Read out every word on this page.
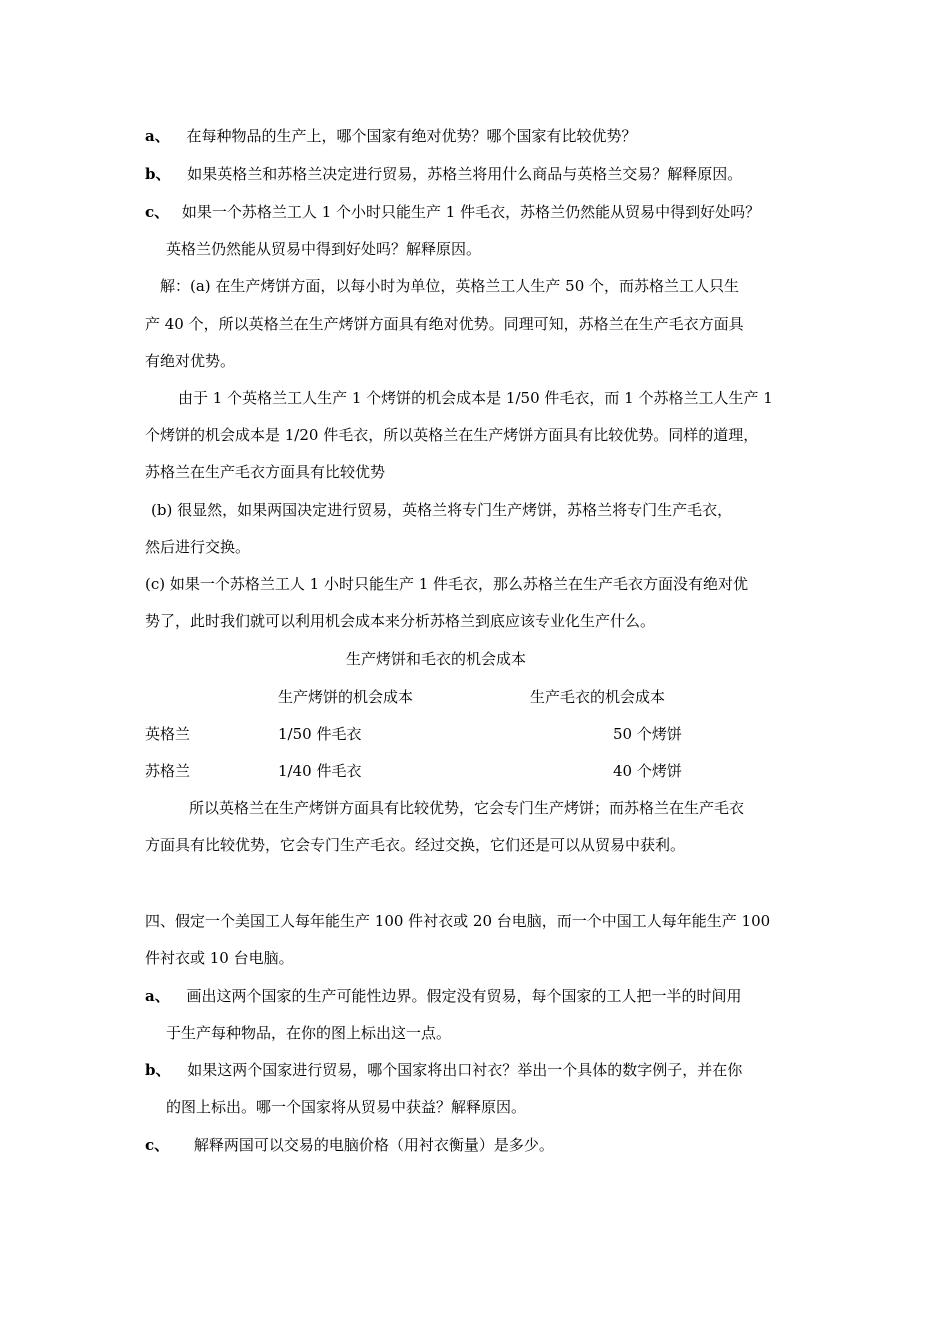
a、 在每种物品的生产上，哪个国家有绝对优势？哪个国家有比较优势？
b、 如果英格兰和苏格兰决定进行贸易，苏格兰将用什么商品与英格兰交易？解释原因。
c、 如果一个苏格兰工人 1 个小时只能生产 1 件毛衣，苏格兰仍然能从贸易中得到好处吗？
英格兰仍然能从贸易中得到好处吗？解释原因。
解：(a) 在生产烤饼方面，以每小时为单位，英格兰工人生产 50 个，而苏格兰工人只生
产 40 个，所以英格兰在生产烤饼方面具有绝对优势。同理可知，苏格兰在生产毛衣方面具
有绝对优势。
由于 1 个英格兰工人生产 1 个烤饼的机会成本是 1/50 件毛衣，而 1 个苏格兰工人生产 1
个烤饼的机会成本是 1/20 件毛衣，所以英格兰在生产烤饼方面具有比较优势。同样的道理，
苏格兰在生产毛衣方面具有比较优势
(b) 很显然，如果两国决定进行贸易，英格兰将专门生产烤饼，苏格兰将专门生产毛衣，
然后进行交换。
(c) 如果一个苏格兰工人 1 小时只能生产 1 件毛衣，那么苏格兰在生产毛衣方面没有绝对优
势了，此时我们就可以利用机会成本来分析苏格兰到底应该专业化生产什么。
生产烤饼和毛衣的机会成本
生产烤饼的机会成本	生产毛衣的机会成本
英格兰	1/50 件毛衣	50 个烤饼
苏格兰	1/40 件毛衣	40 个烤饼
所以英格兰在生产烤饼方面具有比较优势，它会专门生产烤饼；而苏格兰在生产毛衣
方面具有比较优势，它会专门生产毛衣。经过交换，它们还是可以从贸易中获利。
四、假定一个美国工人每年能生产 100 件衬衣或 20 台电脑，而一个中国工人每年能生产 100
件衬衣或 10 台电脑。
a、 画出这两个国家的生产可能性边界。假定没有贸易，每个国家的工人把一半的时间用
于生产每种物品，在你的图上标出这一点。
b、 如果这两个国家进行贸易，哪个国家将出口衬衣？举出一个具体的数字例子，并在你
的图上标出。哪一个国家将从贸易中获益？解释原因。
c、 解释两国可以交易的电脑价格（用衬衣衡量）是多少。
